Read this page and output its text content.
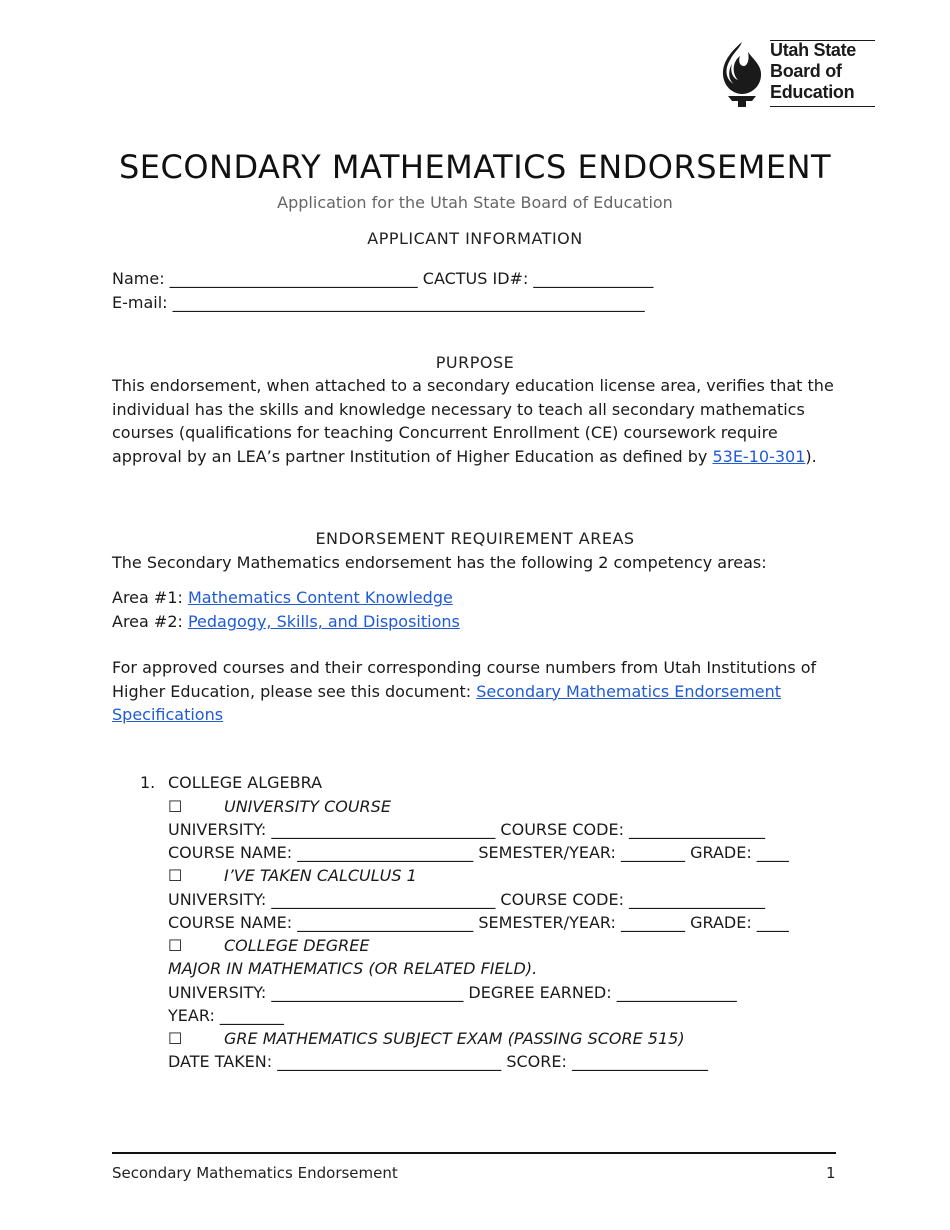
Utah State
Board of
Education
SECONDARY MATHEMATICS ENDORSEMENT
Application for the Utah State Board of Education
APPLICANT INFORMATION
Name: _______________________________ CACTUS ID#: _______________
E-mail: ___________________________________________________________
PURPOSE
This endorsement, when attached to a secondary education license area, verifies that the individual has the skills and knowledge necessary to teach all secondary mathematics courses (qualifications for teaching Concurrent Enrollment (CE) coursework require approval by an LEA’s partner Institution of Higher Education as defined by 53E-10-301).
ENDORSEMENT REQUIREMENT AREAS
The Secondary Mathematics endorsement has the following 2 competency areas:
Area #1: Mathematics Content Knowledge
Area #2: Pedagogy, Skills, and Dispositions
For approved courses and their corresponding course numbers from Utah Institutions of Higher Education, please see this document: Secondary Mathematics Endorsement Specifications
1. COLLEGE ALGEBRA
☐	UNIVERSITY COURSE
UNIVERSITY: ____________________________ COURSE CODE: _________________
COURSE NAME: ______________________ SEMESTER/YEAR: ________ GRADE: ____
☐	I’VE TAKEN CALCULUS 1
UNIVERSITY: ____________________________ COURSE CODE: _________________
COURSE NAME: ______________________ SEMESTER/YEAR: ________ GRADE: ____
☐	COLLEGE DEGREE
MAJOR IN MATHEMATICS (OR RELATED FIELD).
UNIVERSITY: ________________________ DEGREE EARNED: _______________
YEAR: ________
☐	GRE MATHEMATICS SUBJECT EXAM (PASSING SCORE 515)
DATE TAKEN: ____________________________ SCORE: _________________
Secondary Mathematics Endorsement	1
